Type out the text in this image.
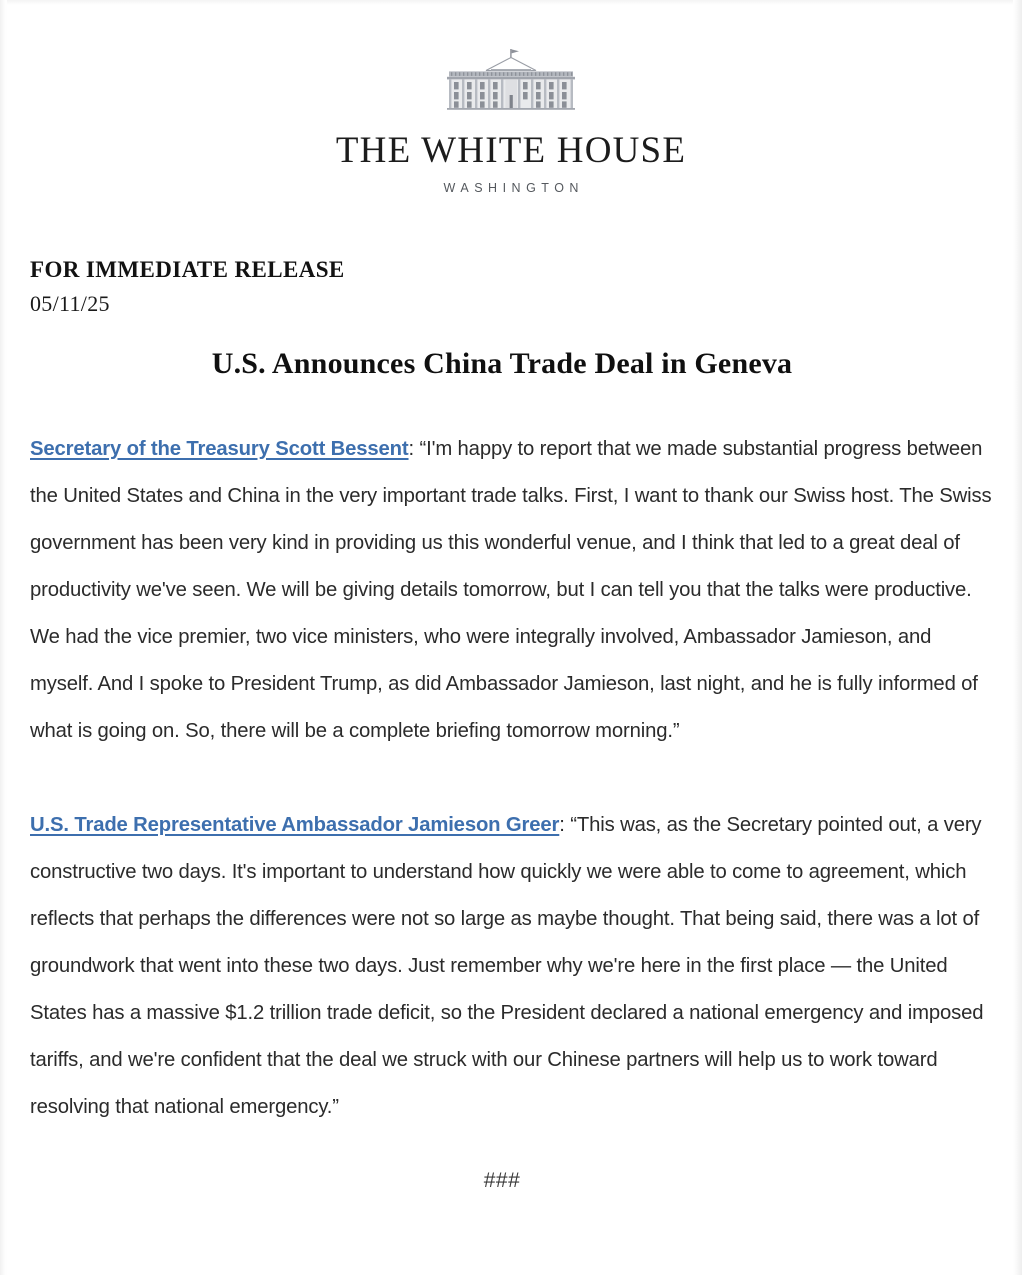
THE WHITE HOUSE
WASHINGTON
FOR IMMEDIATE RELEASE
05/11/25
U.S. Announces China Trade Deal in Geneva

Secretary of the Treasury Scott Bessent: “I'm happy to report that we made substantial progress between the United States and China in the very important trade talks. First, I want to thank our Swiss host. The Swiss government has been very kind in providing us this wonderful venue, and I think that led to a great deal of productivity we've seen. We will be giving details tomorrow, but I can tell you that the talks were productive. We had the vice premier, two vice ministers, who were integrally involved, Ambassador Jamieson, and myself. And I spoke to President Trump, as did Ambassador Jamieson, last night, and he is fully informed of what is going on. So, there will be a complete briefing tomorrow morning.”

U.S. Trade Representative Ambassador Jamieson Greer: “This was, as the Secretary pointed out, a very constructive two days. It's important to understand how quickly we were able to come to agreement, which reflects that perhaps the differences were not so large as maybe thought. That being said, there was a lot of groundwork that went into these two days. Just remember why we're here in the first place — the United States has a massive $1.2 trillion trade deficit, so the President declared a national emergency and imposed tariffs, and we're confident that the deal we struck with our Chinese partners will help us to work toward resolving that national emergency.”

###
